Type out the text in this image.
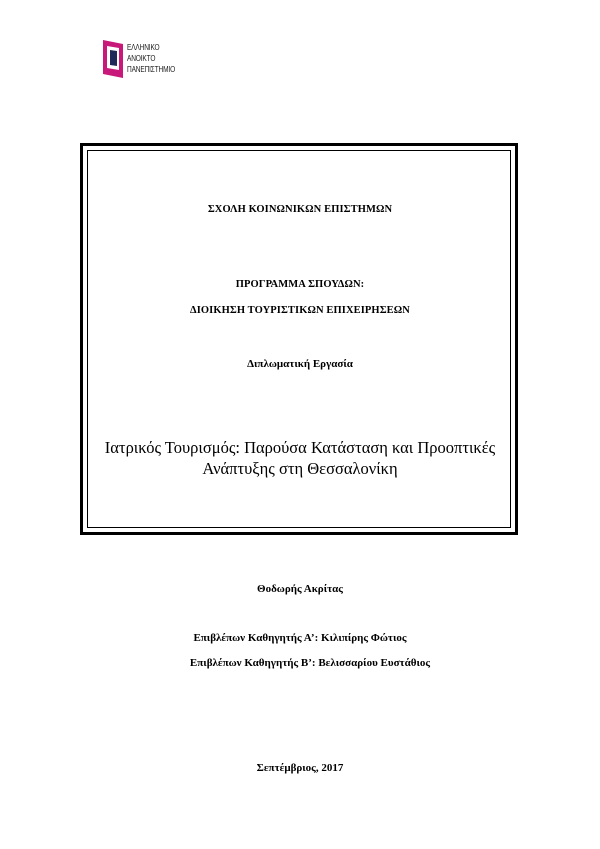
ΕΛΛΗΝΙΚΟ
ΑΝΟΙΚΤΟ
ΠΑΝΕΠΙΣΤΗΜΙΟ
ΣΧΟΛΗ ΚΟΙΝΩΝΙΚΩΝ ΕΠΙΣΤΗΜΩΝ
ΠΡΟΓΡΑΜΜΑ ΣΠΟΥΔΩΝ:
ΔΙΟΙΚΗΣΗ ΤΟΥΡΙΣΤΙΚΩΝ ΕΠΙΧΕΙΡΗΣΕΩΝ
Διπλωματική Εργασία
Ιατρικός Τουρισμός: Παρούσα Κατάσταση και Προοπτικές
Ανάπτυξης στη Θεσσαλονίκη
Θοδωρής Ακρίτας
Επιβλέπων Καθηγητής Α’: Κιλιπίρης Φώτιος
Επιβλέπων Καθηγητής Β’: Βελισσαρίου Ευστάθιος
Σεπτέμβριος, 2017
